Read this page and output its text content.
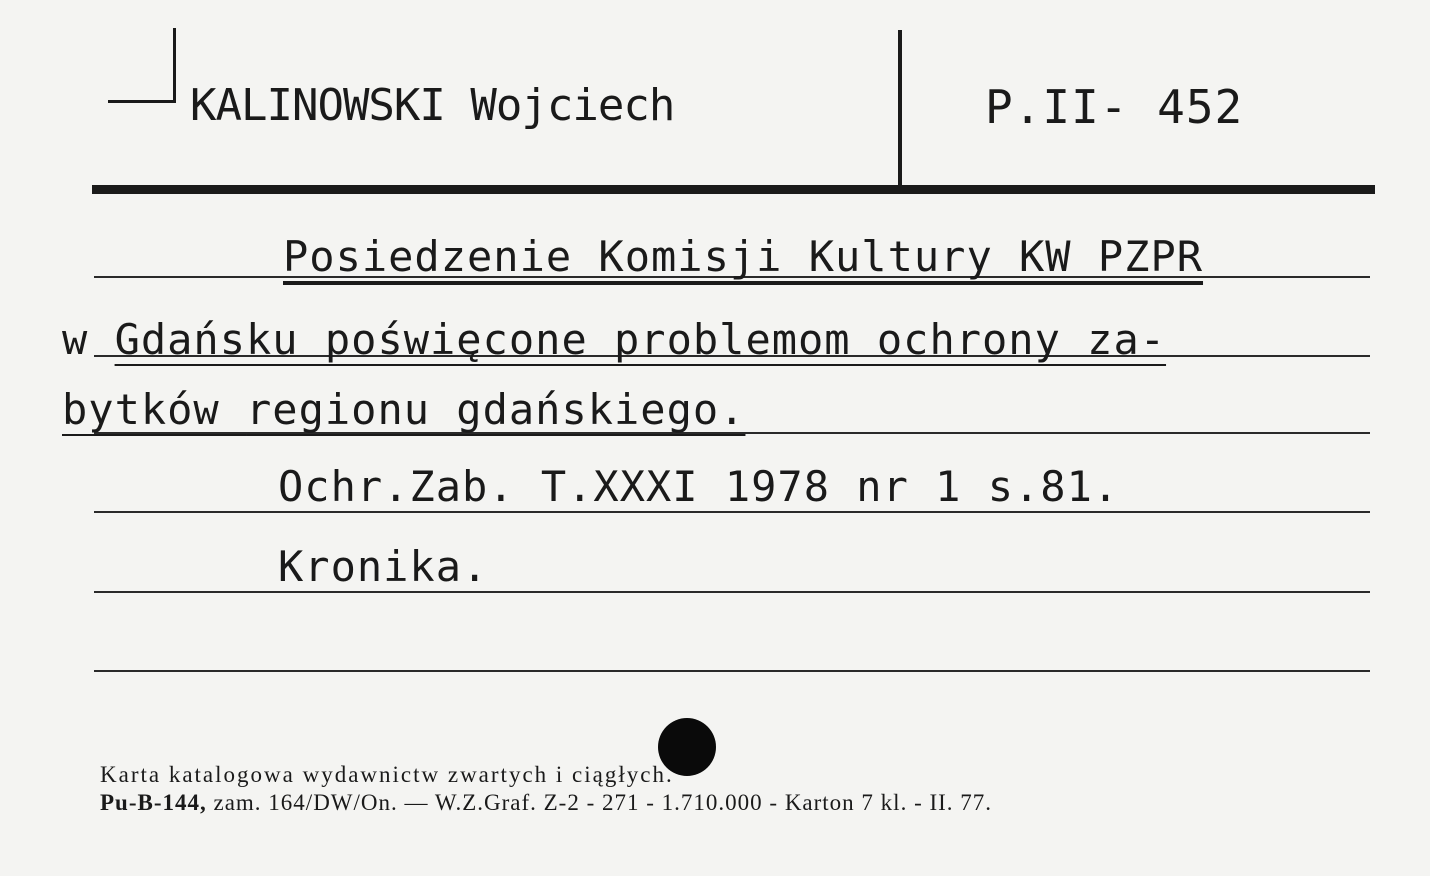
KALINOWSKI Wojciech	P.II- 452
Posiedzenie Komisji Kultury KW PZPR
w Gdańsku poświęcone problemom ochrony za-
bytków regionu gdańskiego.
Ochr.Zab. T.XXXI 1978 nr 1 s.81.
Kronika.
Karta katalogowa wydawnictw zwartych i ciągłych.
Pu-B-144, zam. 164/DW/On. — W.Z.Graf. Z-2 - 271 - 1.710.000 - Karton 7 kl. - II. 77.
